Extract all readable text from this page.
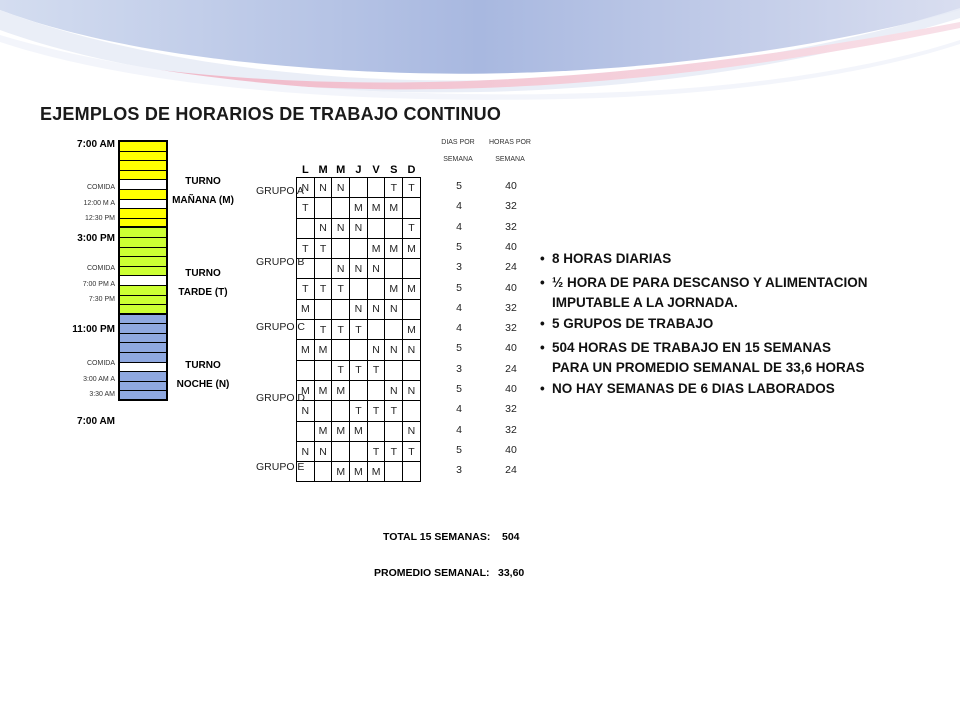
EJEMPLOS DE HORARIOS DE TRABAJO CONTINUO
7:00 AM
3:00 PM
11:00 PM
7:00 AM
COMIDA
12:00 M A
12:30 PM
COMIDA
7:00 PM A
7:30 PM
COMIDA
3:00 AM A
3:30 AM
TURNO
MAÑANA (M)
TURNO
TARDE (T)
TURNO
NOCHE (N)
L	M	M	J	V	S	D
N	N	N			T	T
T			M	M	M	
	N	N	N			T
T	T			M	M	M
		N	N	N		
T	T	T			M	M
M			N	N	N	
	T	T	T			M
M	M			N	N	N
		T	T	T		
M	M	M			N	N
N			T	T	T	
	M	M	M			N
N	N			T	T	T
		M	M	M		
DIAS POR
SEMANA
HORAS POR
SEMANA
GRUPO A
GRUPO B
GRUPO C
GRUPO D
GRUPO E
5	40
4	32
4	32
5	40
3	24
5	40
4	32
4	32
5	40
3	24
5	40
4	32
4	32
5	40
3	24
TOTAL 15 SEMANAS: 504
PROMEDIO SEMANAL: 33,60
• 8 HORAS DIARIAS
• ½ HORA DE PARA DESCANSO Y ALIMENTACION
IMPUTABLE A LA JORNADA.
• 5 GRUPOS DE TRABAJO
• 504 HORAS DE TRABAJO EN 15 SEMANAS
PARA UN PROMEDIO SEMANAL DE 33,6 HORAS
• NO HAY SEMANAS DE 6 DIAS LABORADOS
